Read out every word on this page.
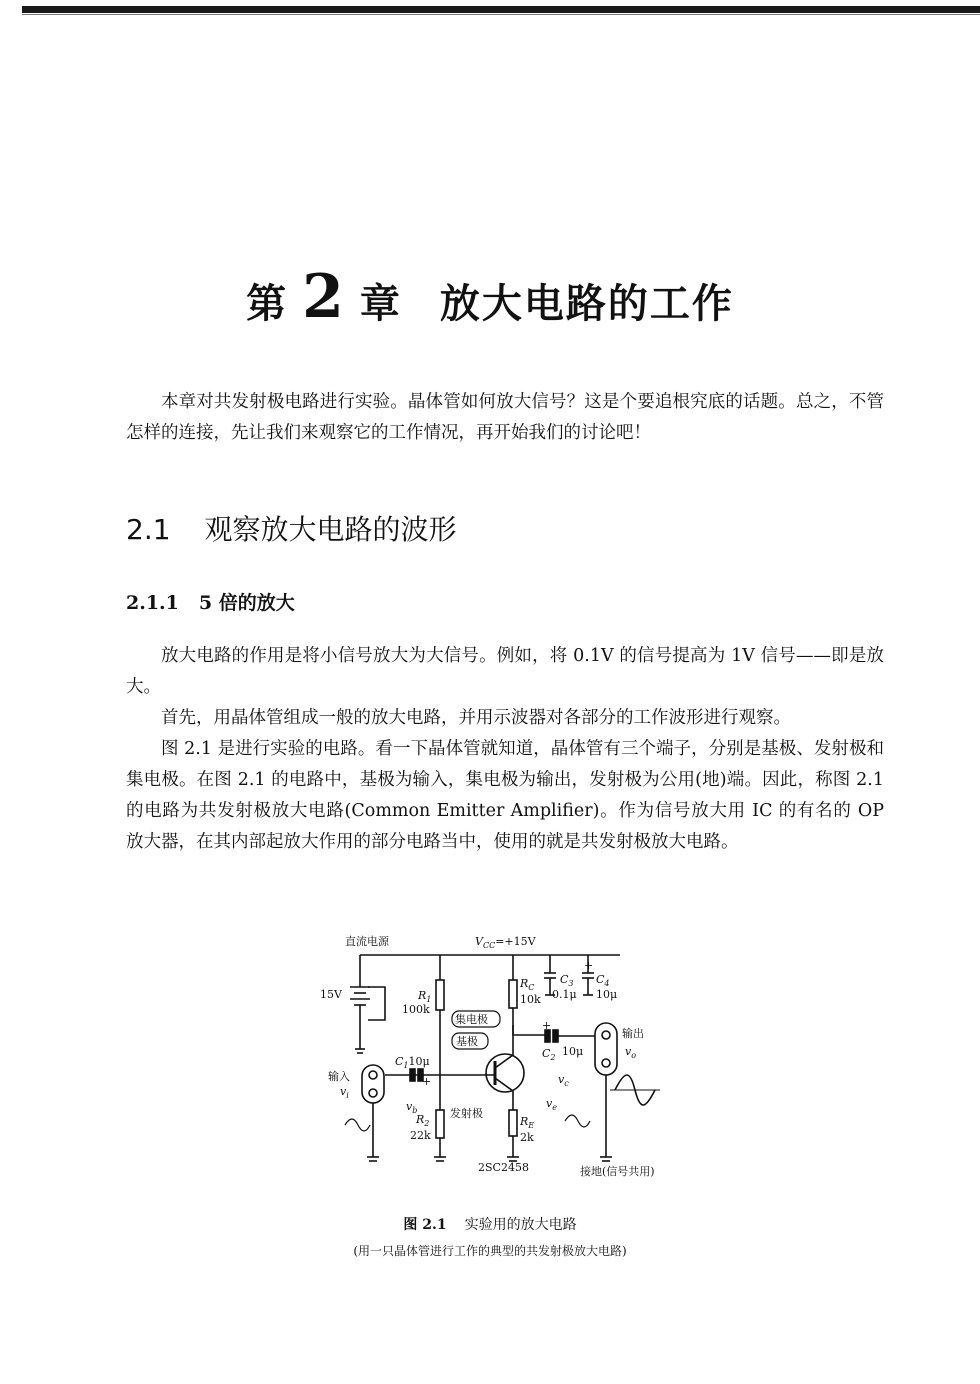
第 2 章 放大电路的工作

本章对共发射极电路进行实验。晶体管如何放大信号？这是个要追根究底的话题。总之，不管怎样的连接，先让我们来观察它的工作情况，再开始我们的讨论吧！

2.1 观察放大电路的波形
2.1.1 5 倍的放大

放大电路的作用是将小信号放大为大信号。例如，将 0.1V 的信号提高为 1V 信号——即是放大。

首先，用晶体管组成一般的放大电路，并用示波器对各部分的工作波形进行观察。

图 2.1 是进行实验的电路。看一下晶体管就知道，晶体管有三个端子，分别是基极、发射极和集电极。在图 2.1 的电路中，基极为输入，集电极为输出，发射极为公用(地)端。因此，称图 2.1 的电路为共发射极放大电路(Common Emitter Amplifier)。作为信号放大用 IC 的有名的 OP 放大器，在其内部起放大作用的部分电路当中，使用的就是共发射极放大电路。

直流电源	$V_{CC}=+15V$
15V	$R_1$
100k
$R_C$
10k
$C_3$
0.1μ
$C_4$
10μ
+
+
+
集电极
基极
发射极
$C_110\mu$
$C_2$ 10μ
输入
$v_i$
输出
$v_o$
$v_b$
$v_c$
$v_e$
$R_2$
22k
$R_E$
2k
2SC2458	接地(信号共用)
图 2.1 实验用的放大电路
(用一只晶体管进行工作的典型的共发射极放大电路)
